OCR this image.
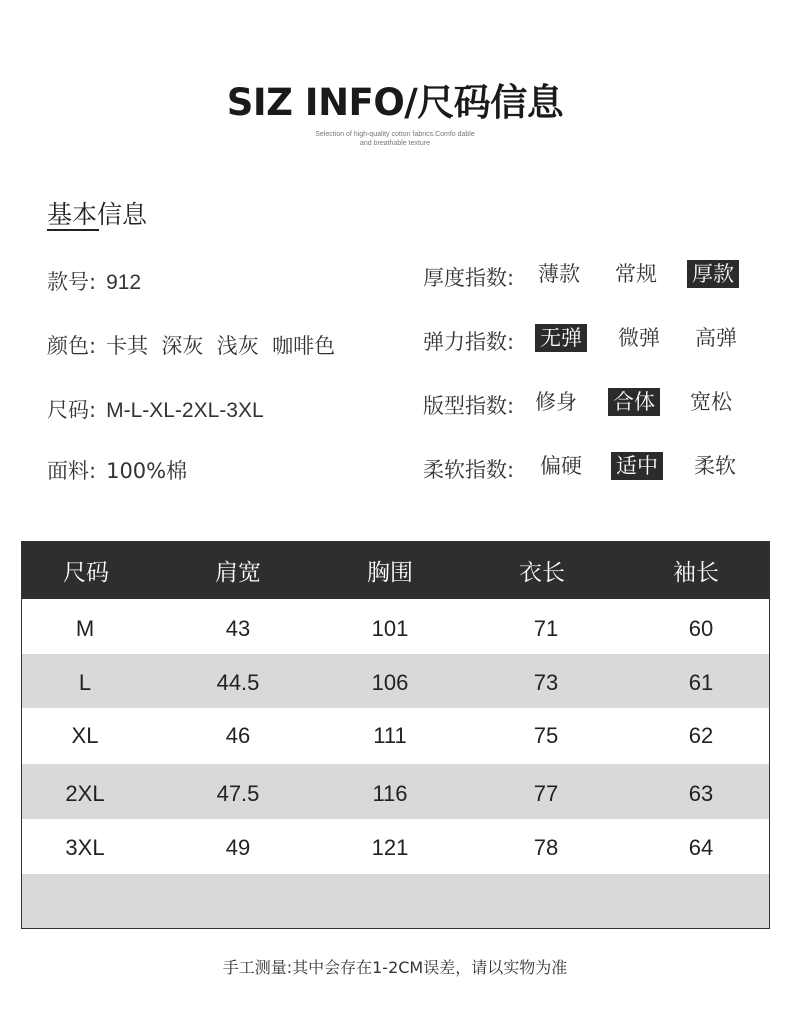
SIZ INFO/尺码信息
Selection of high-quality cotton fabrics.Comfo dable and breathable texture
基本信息
款号: 912
颜色: 卡其  深灰  浅灰  咖啡色
尺码: M-L-XL-2XL-3XL
面料: 100%棉
厚度指数: 薄款 常规 厚款
弹力指数: 无弹 微弹 高弹
版型指数: 修身 合体 宽松
柔软指数: 偏硬 适中 柔软
尺码	肩宽	胸围	衣长	袖长
M	43	101	71	60
L	44.5	106	73	61
XL	46	111	75	62
2XL	47.5	116	77	63
3XL	49	121	78	64
手工测量:其中会存在1-2CM误差，请以实物为准
